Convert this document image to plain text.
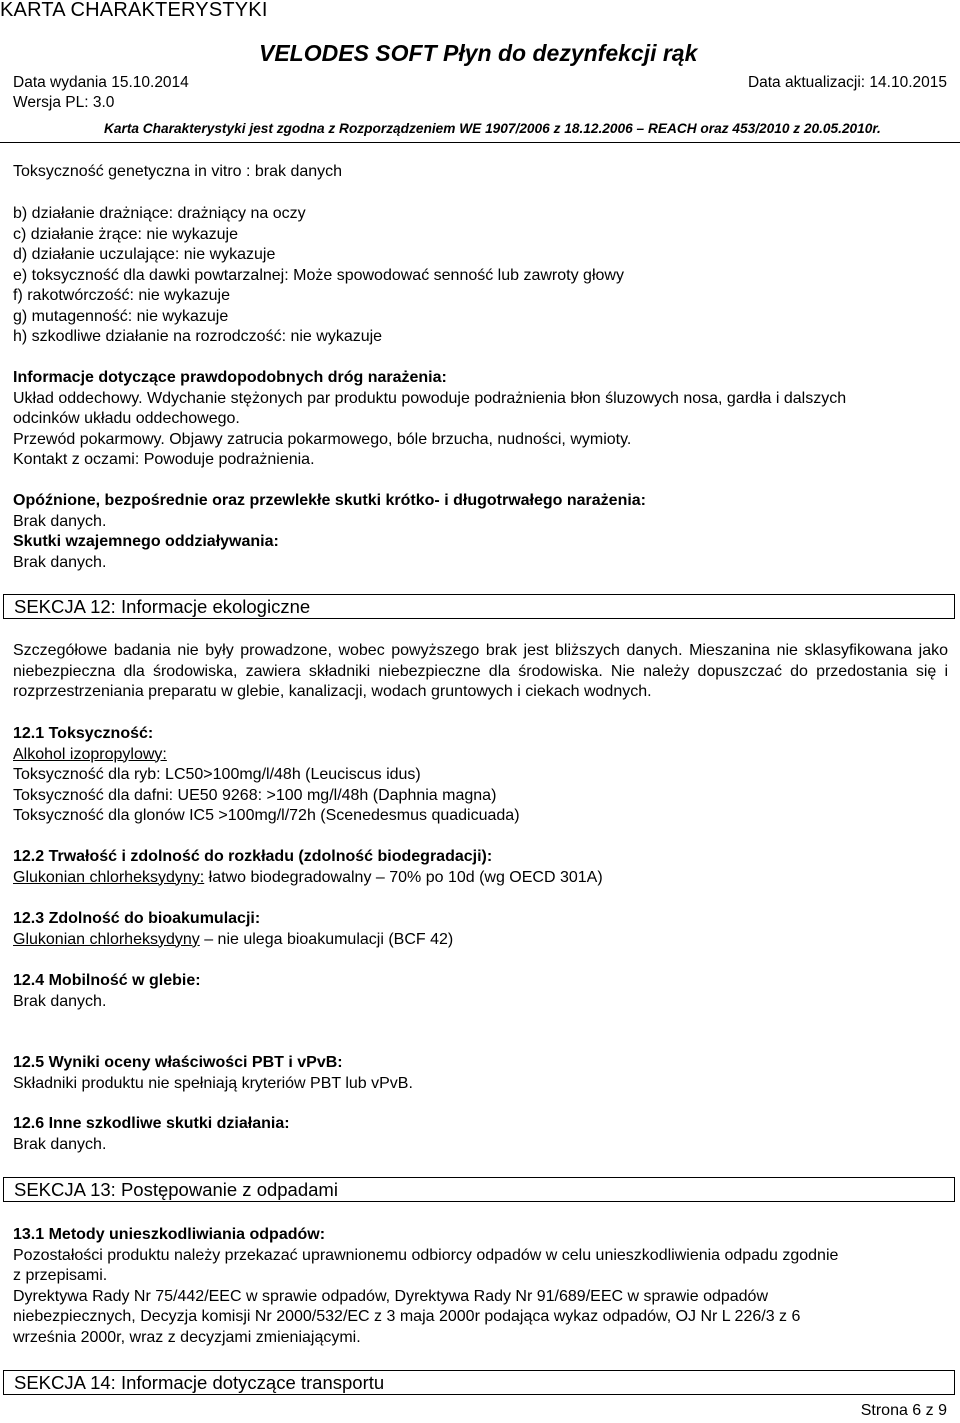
KARTA CHARAKTERYSTYKI
VELODES SOFT Płyn do dezynfekcji rąk
Data wydania 15.10.2014	Data aktualizacji: 14.10.2015
Wersja PL: 3.0
Karta Charakterystyki jest zgodna z Rozporządzeniem WE 1907/2006 z 18.12.2006 – REACH oraz 453/2010 z 20.05.2010r.
Toksyczność genetyczna in vitro : brak danych
b) działanie drażniące: drażniący na oczy
c) działanie żrące: nie wykazuje
d) działanie uczulające: nie wykazuje
e) toksyczność dla dawki powtarzalnej: Może spowodować senność lub zawroty głowy
f) rakotwórczość: nie wykazuje
g) mutagenność: nie wykazuje
h) szkodliwe działanie na rozrodczość: nie wykazuje
Informacje dotyczące prawdopodobnych dróg narażenia:
Układ oddechowy. Wdychanie stężonych par produktu powoduje podrażnienia błon śluzowych nosa, gardła i dalszych
odcinków układu oddechowego.
Przewód pokarmowy. Objawy zatrucia pokarmowego, bóle brzucha, nudności, wymioty.
Kontakt z oczami: Powoduje podrażnienia.
Opóźnione, bezpośrednie oraz przewlekłe skutki krótko- i długotrwałego narażenia:
Brak danych.
Skutki wzajemnego oddziaływania:
Brak danych.
SEKCJA 12: Informacje ekologiczne
Szczegółowe badania nie były prowadzone, wobec powyższego brak jest bliższych danych. Mieszanina nie sklasyfikowana jako niebezpieczna dla środowiska, zawiera składniki niebezpieczne dla środowiska. Nie należy dopuszczać do przedostania się i rozprzestrzeniania preparatu w glebie, kanalizacji, wodach gruntowych i ciekach wodnych.
12.1 Toksyczność:
Alkohol izopropylowy:
Toksyczność dla ryb: LC50>100mg/l/48h (Leuciscus idus)
Toksyczność dla dafni: UE50 9268: >100 mg/l/48h (Daphnia magna)
Toksyczność dla glonów IC5 >100mg/l/72h (Scenedesmus quadicuada)
12.2 Trwałość i zdolność do rozkładu (zdolność biodegradacji):
Glukonian chlorheksydyny: łatwo biodegradowalny – 70% po 10d (wg OECD 301A)
12.3 Zdolność do bioakumulacji:
Glukonian chlorheksydyny – nie ulega bioakumulacji (BCF 42)
12.4 Mobilność w glebie:
Brak danych.
12.5 Wyniki oceny właściwości PBT i vPvB:
Składniki produktu nie spełniają kryteriów PBT lub vPvB.
12.6 Inne szkodliwe skutki działania:
Brak danych.
SEKCJA 13: Postępowanie z odpadami
13.1 Metody unieszkodliwiania odpadów:
Pozostałości produktu należy przekazać uprawnionemu odbiorcy odpadów w celu unieszkodliwienia odpadu zgodnie
z przepisami.
Dyrektywa Rady Nr 75/442/EEC w sprawie odpadów, Dyrektywa Rady Nr 91/689/EEC w sprawie odpadów
niebezpiecznych, Decyzja komisji Nr 2000/532/EC z 3 maja 2000r podająca wykaz odpadów, OJ Nr L 226/3 z 6
września 2000r, wraz z decyzjami zmieniającymi.
SEKCJA 14: Informacje dotyczące transportu
Strona 6 z 9
